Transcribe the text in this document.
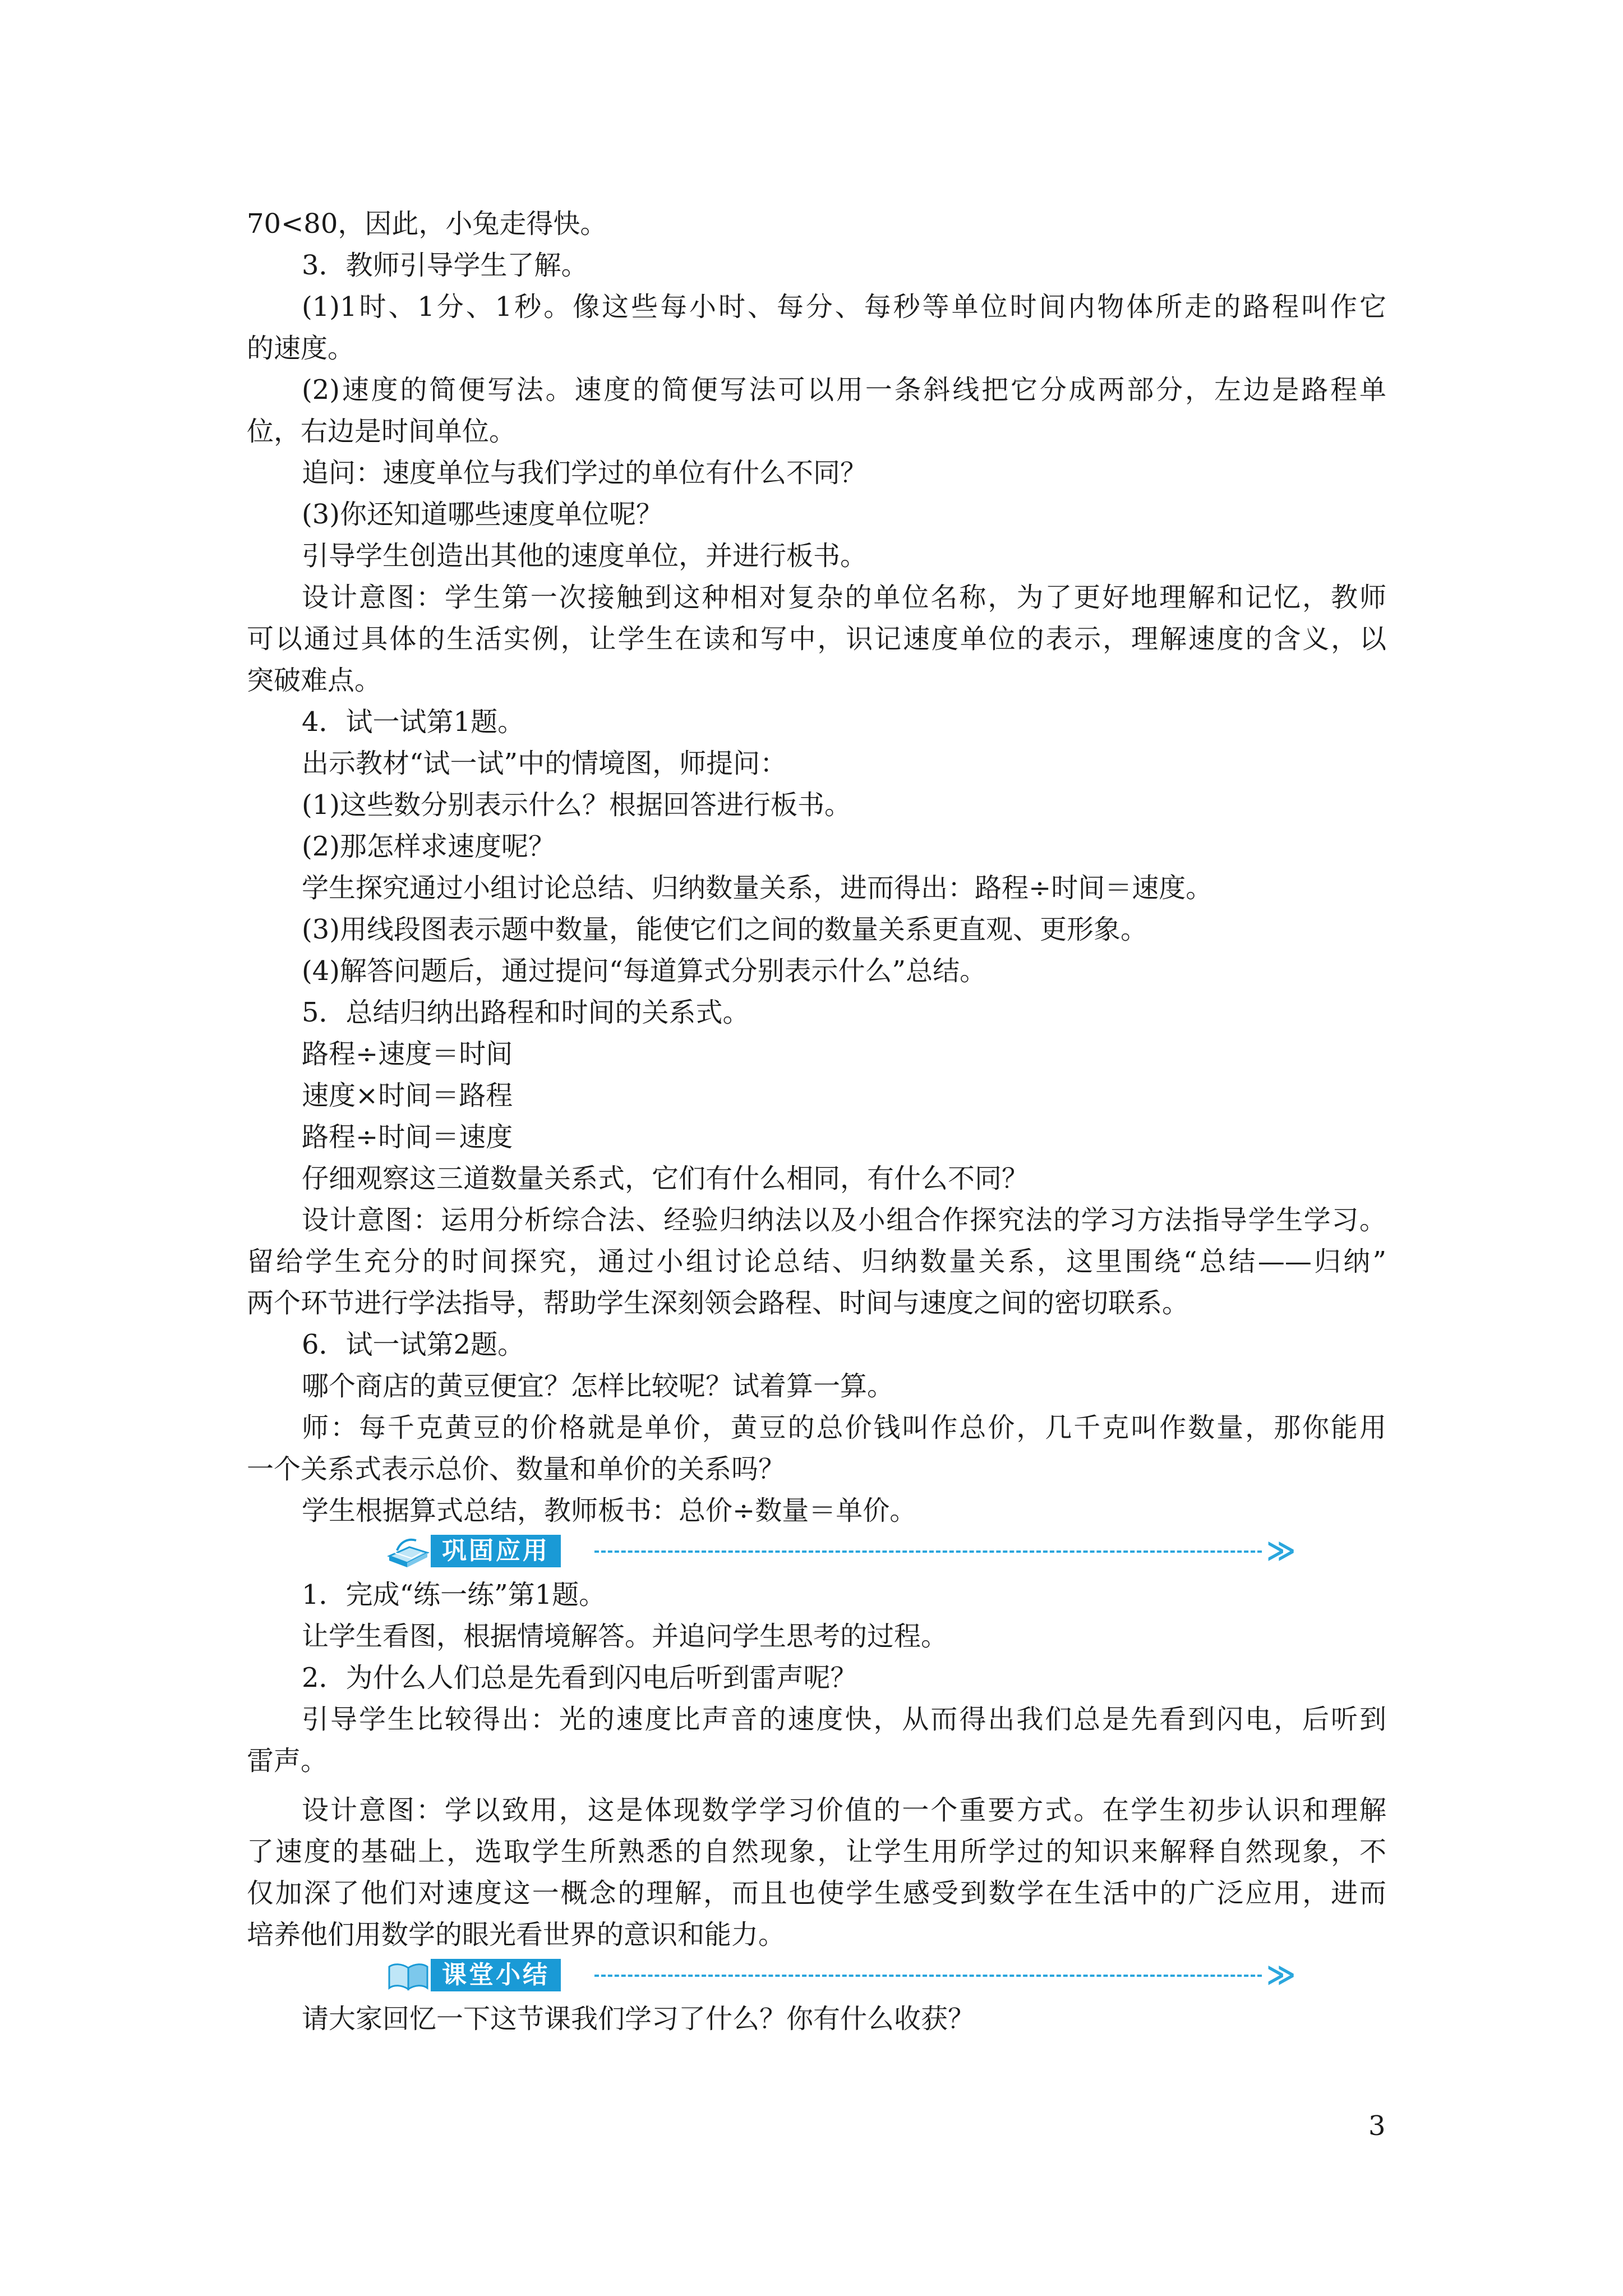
70<80，因此，小兔走得快。

3．教师引导学生了解。

(1)1时、1分、1秒。像这些每小时、每分、每秒等单位时间内物体所走的路程叫作它

的速度。

(2)速度的简便写法。速度的简便写法可以用一条斜线把它分成两部分，左边是路程单

位，右边是时间单位。

追问：速度单位与我们学过的单位有什么不同？

(3)你还知道哪些速度单位呢？

引导学生创造出其他的速度单位，并进行板书。

设计意图：学生第一次接触到这种相对复杂的单位名称，为了更好地理解和记忆，教师

可以通过具体的生活实例，让学生在读和写中，识记速度单位的表示，理解速度的含义，以

突破难点。

4．试一试第1题。

出示教材“试一试”中的情境图，师提问：

(1)这些数分别表示什么？根据回答进行板书。

(2)那怎样求速度呢？

学生探究通过小组讨论总结、归纳数量关系，进而得出：路程÷时间＝速度。

(3)用线段图表示题中数量，能使它们之间的数量关系更直观、更形象。

(4)解答问题后，通过提问“每道算式分别表示什么”总结。

5．总结归纳出路程和时间的关系式。

路程÷速度＝时间

速度×时间＝路程

路程÷时间＝速度

仔细观察这三道数量关系式，它们有什么相同，有什么不同？

设计意图：运用分析综合法、经验归纳法以及小组合作探究法的学习方法指导学生学习。

留给学生充分的时间探究，通过小组讨论总结、归纳数量关系，这里围绕“总结——归纳”

两个环节进行学法指导，帮助学生深刻领会路程、时间与速度之间的密切联系。

6．试一试第2题。

哪个商店的黄豆便宜？怎样比较呢？试着算一算。

师：每千克黄豆的价格就是单价，黄豆的总价钱叫作总价，几千克叫作数量，那你能用

一个关系式表示总价、数量和单价的关系吗？

学生根据算式总结，教师板书：总价÷数量＝单价。

巩固应用	≫

1．完成“练一练”第1题。

让学生看图，根据情境解答。并追问学生思考的过程。

2．为什么人们总是先看到闪电后听到雷声呢？

引导学生比较得出：光的速度比声音的速度快，从而得出我们总是先看到闪电，后听到

雷声。

设计意图：学以致用，这是体现数学学习价值的一个重要方式。在学生初步认识和理解

了速度的基础上，选取学生所熟悉的自然现象，让学生用所学过的知识来解释自然现象，不

仅加深了他们对速度这一概念的理解，而且也使学生感受到数学在生活中的广泛应用，进而

培养他们用数学的眼光看世界的意识和能力。

课堂小结	≫

请大家回忆一下这节课我们学习了什么？你有什么收获？

3
